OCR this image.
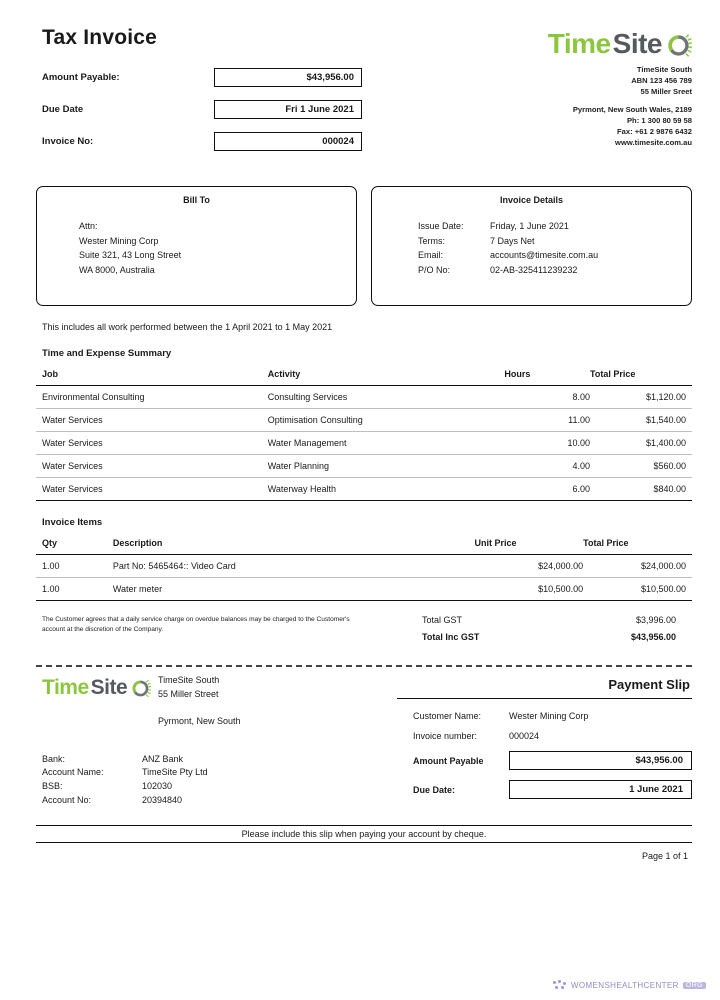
Tax Invoice
Amount Payable:	$43,956.00
Due Date	Fri 1 June 2021
Invoice No:	000024
Time Site
TimeSite South
ABN 123 456 789
55 Miller Sreet
Pyrmont, New South Wales, 2189
Ph: 1 300 80 59 58
Fax: +61 2 9876 6432
www.timesite.com.au
Bill To
Attn:
Wester Mining Corp
Suite 321, 43 Long Street
WA 8000, Australia
Invoice Details
Issue Date:	Friday, 1 June 2021
Terms:	7 Days Net
Email:	accounts@timesite.com.au
P/O No:	02-AB-325411239232
This includes all work performed between the 1 April 2021 to 1 May 2021
Time and Expense Summary
Job	Activity	Hours	Total Price
Environmental Consulting	Consulting Services	8.00	$1,120.00
Water Services	Optimisation Consulting	11.00	$1,540.00
Water Services	Water Management	10.00	$1,400.00
Water Services	Water Planning	4.00	$560.00
Water Services	Waterway Health	6.00	$840.00
Invoice Items
Qty	Description	Unit Price	Total Price
1.00	Part No: 5465464:: Video Card	$24,000.00	$24,000.00
1.00	Water meter	$10,500.00	$10,500.00
The Customer agrees that a daily service charge on overdue balances may be charged to the Customer's account at the discretion of the Company.
Total GST	$3,996.00
Total Inc GST	$43,956.00
Time Site	TimeSite South
55 Miller Street
Pyrmont, New South
Bank:	ANZ Bank
Account Name:	TimeSite Pty Ltd
BSB:	102030
Account No:	20394840
Payment Slip
Customer Name:	Wester Mining Corp
Invoice number:	000024
Amount Payable	$43,956.00
Due Date:	1 June 2021
Please include this slip when paying your account by cheque.
Page 1 of 1
WOMENSHEALTHCENTER	ORG
